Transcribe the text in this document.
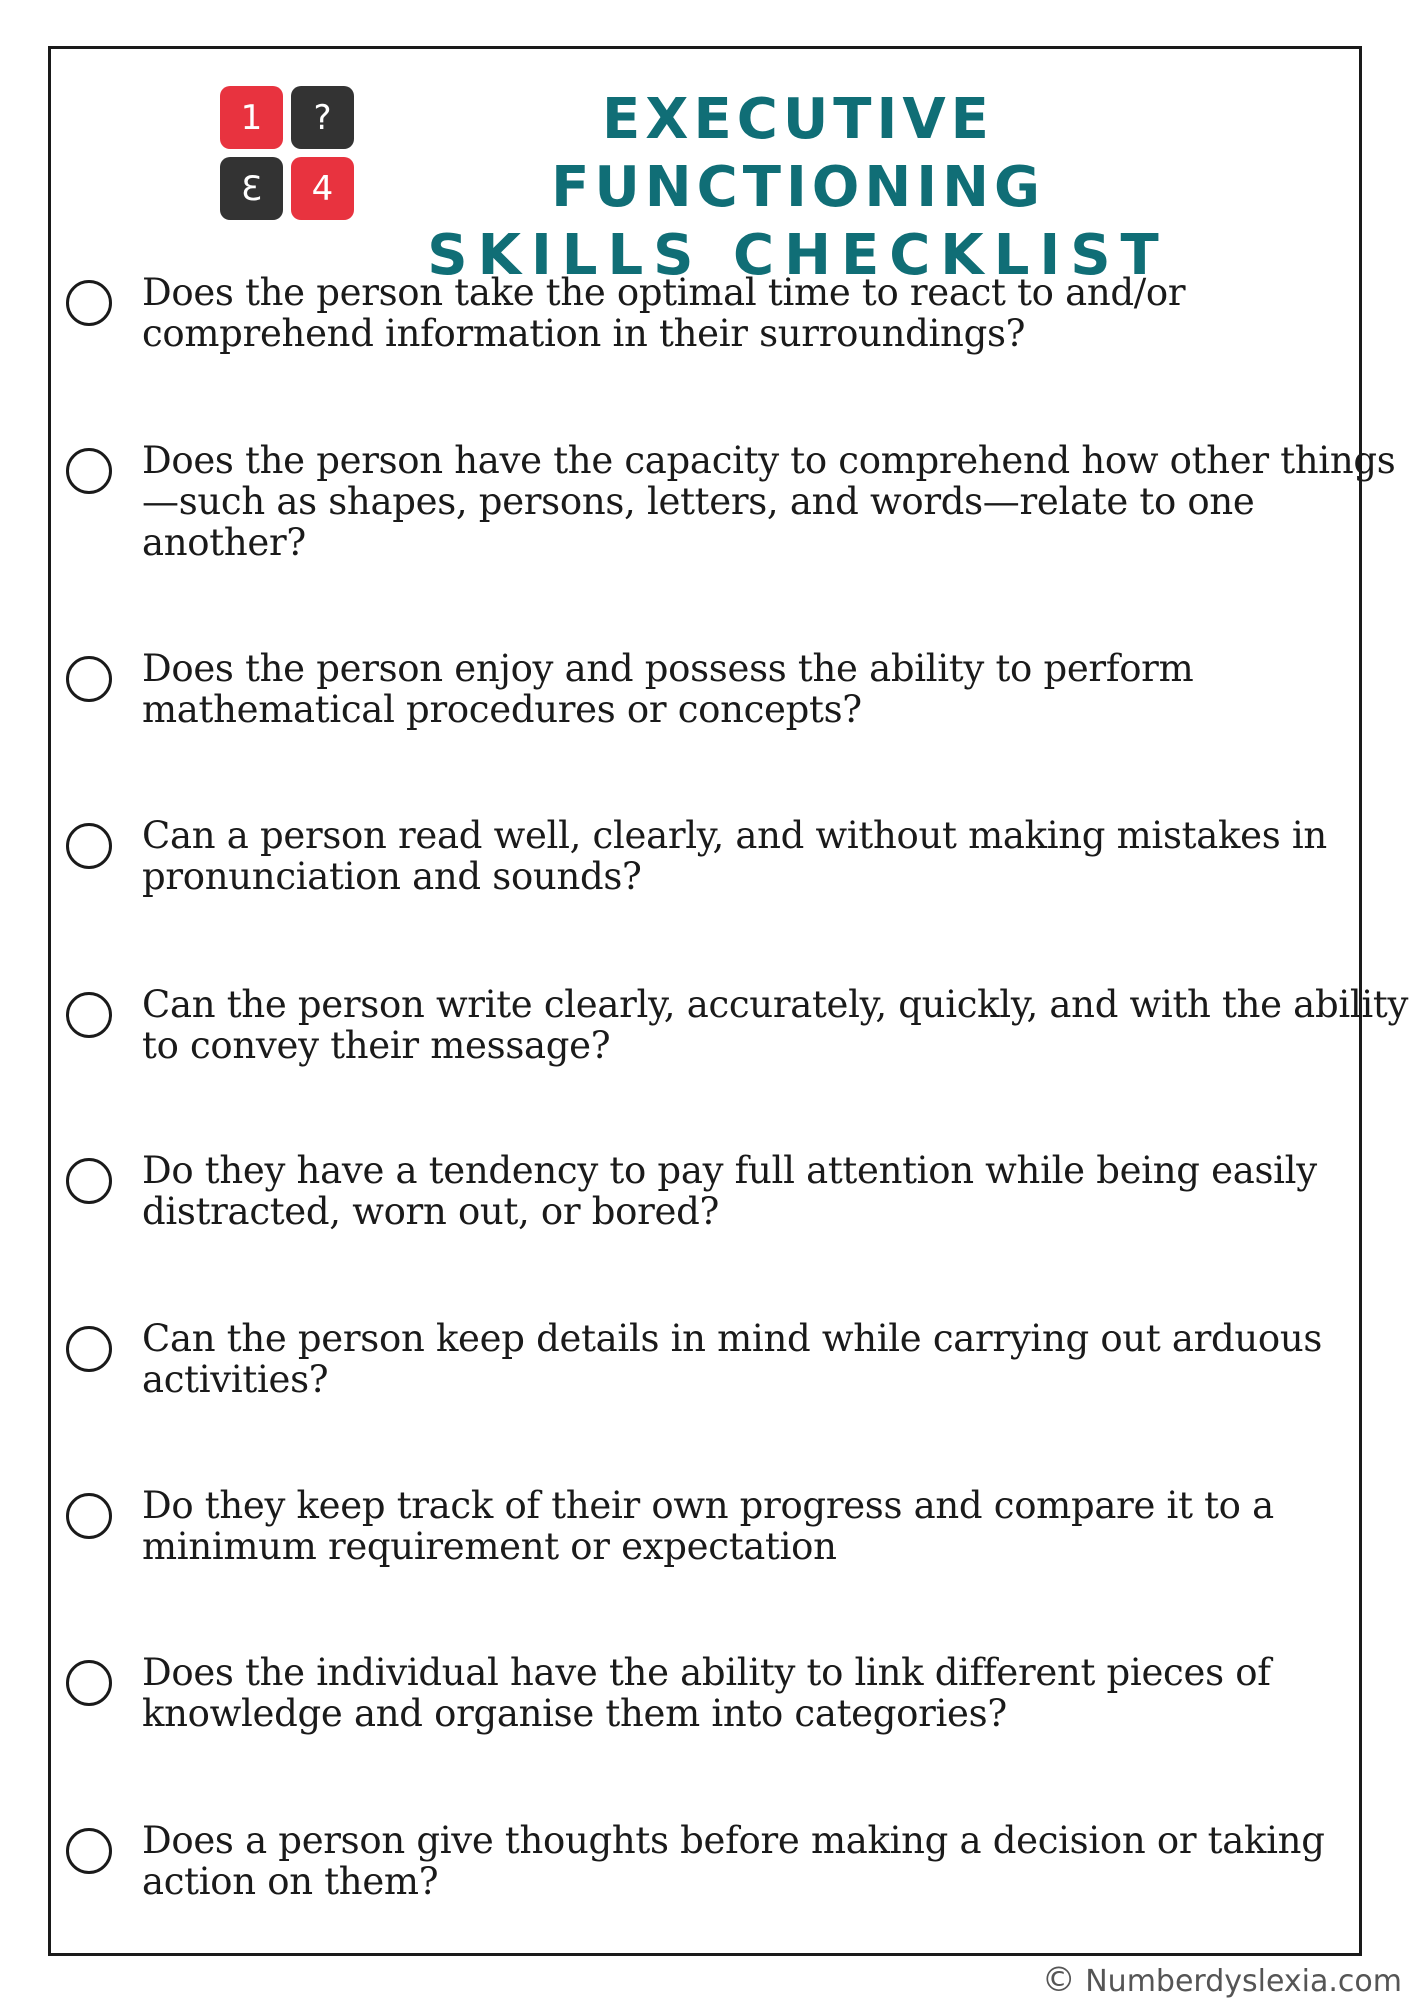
1	?
3	4
EXECUTIVE FUNCTIONING
SKILLS CHECKLIST
Does the person take the optimal time to react to and/or comprehend information in their surroundings?
Does the person have the capacity to comprehend how other things—such as shapes, persons, letters, and words—relate to one another?
Does the person enjoy and possess the ability to perform mathematical procedures or concepts?
Can a person read well, clearly, and without making mistakes in pronunciation and sounds?
Can the person write clearly, accurately, quickly, and with the ability to convey their message?
Do they have a tendency to pay full attention while being easily distracted, worn out, or bored?
Can the person keep details in mind while carrying out arduous activities?
Do they keep track of their own progress and compare it to a minimum requirement or expectation
Does the individual have the ability to link different pieces of knowledge and organise them into categories?
Does a person give thoughts before making a decision or taking action on them?
© Numberdyslexia.com
